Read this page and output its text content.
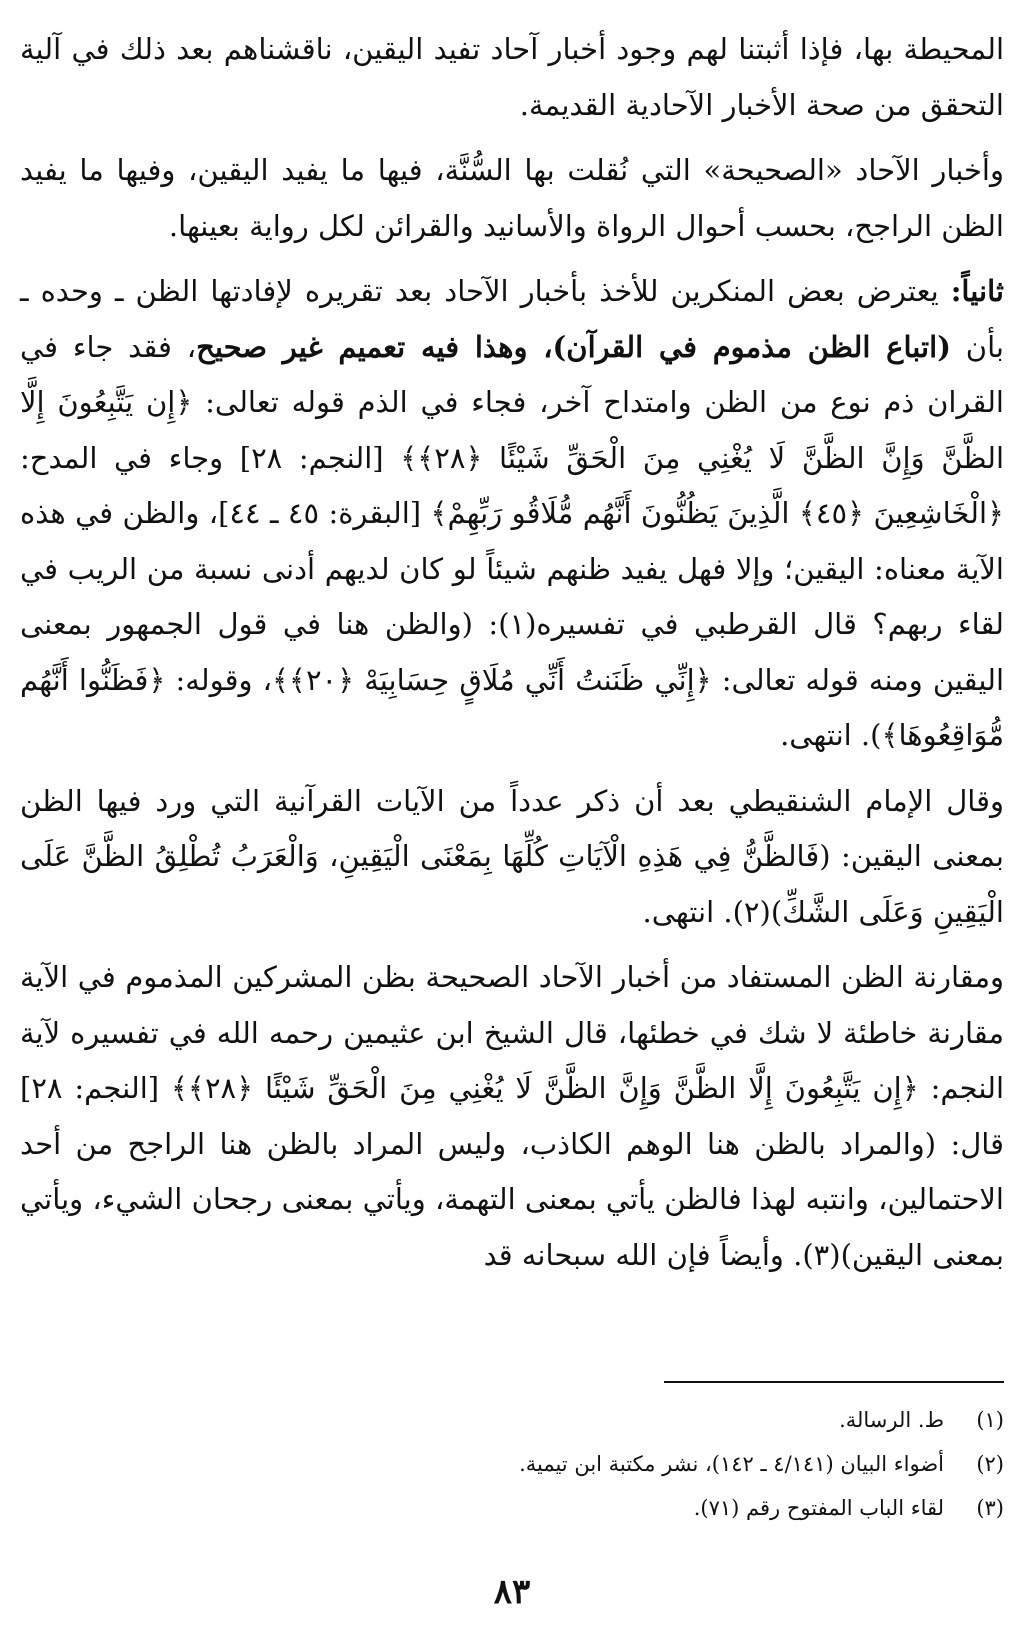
المحيطة بها، فإذا أثبتنا لهم وجود أخبار آحاد تفيد اليقين، ناقشناهم بعد ذلك في آلية التحقق من صحة الأخبار الآحادية القديمة.

وأخبار الآحاد «الصحيحة» التي نُقلت بها السُّنَّة، فيها ما يفيد اليقين، وفيها ما يفيد الظن الراجح، بحسب أحوال الرواة والأسانيد والقرائن لكل رواية بعينها.

ثانياً: يعترض بعض المنكرين للأخذ بأخبار الآحاد بعد تقريره لإفادتها الظن ـ وحده ـ بأن (اتباع الظن مذموم في القرآن)، وهذا فيه تعميم غير صحيح، فقد جاء في القران ذم نوع من الظن وامتداح آخر، فجاء في الذم قوله تعالى: ﴿إِن يَتَّبِعُونَ إِلَّا الظَّنَّ وَإِنَّ الظَّنَّ لَا يُغْنِي مِنَ الْحَقِّ شَيْئًا ﴿٢٨﴾﴾ [النجم: ٢٨] وجاء في المدح: ﴿الْخَاشِعِينَ ﴿٤٥﴾ الَّذِينَ يَظُنُّونَ أَنَّهُم مُّلَاقُو رَبِّهِمْ﴾ [البقرة: ٤٥ ـ ٤٤]، والظن في هذه الآية معناه: اليقين؛ وإلا فهل يفيد ظنهم شيئاً لو كان لديهم أدنى نسبة من الريب في لقاء ربهم؟ قال القرطبي في تفسيره(١): (والظن هنا في قول الجمهور بمعنى اليقين ومنه قوله تعالى: ﴿إِنِّي ظَنَنتُ أَنِّي مُلَاقٍ حِسَابِيَهْ ﴿٢٠﴾﴾، وقوله: ﴿فَظَنُّوا أَنَّهُم مُّوَاقِعُوهَا﴾). انتهى.

وقال الإمام الشنقيطي بعد أن ذكر عدداً من الآيات القرآنية التي ورد فيها الظن بمعنى اليقين: (فَالظَّنُّ فِي هَذِهِ الْآيَاتِ كُلِّهَا بِمَعْنَى الْيَقِينِ، وَالْعَرَبُ تُطْلِقُ الظَّنَّ عَلَى الْيَقِينِ وَعَلَى الشَّكِّ)(٢). انتهى.

ومقارنة الظن المستفاد من أخبار الآحاد الصحيحة بظن المشركين المذموم في الآية مقارنة خاطئة لا شك في خطئها، قال الشيخ ابن عثيمين رحمه الله في تفسيره لآية النجم: ﴿إِن يَتَّبِعُونَ إِلَّا الظَّنَّ وَإِنَّ الظَّنَّ لَا يُغْنِي مِنَ الْحَقِّ شَيْئًا ﴿٢٨﴾﴾ [النجم: ٢٨] قال: (والمراد بالظن هنا الوهم الكاذب، وليس المراد بالظن هنا الراجح من أحد الاحتمالين، وانتبه لهذا فالظن يأتي بمعنى التهمة، ويأتي بمعنى رجحان الشيء، ويأتي بمعنى اليقين)(٣). وأيضاً فإن الله سبحانه قد

(١)
ط. الرسالة.
(٢)
أضواء البيان (٤/١٤١ ـ ١٤٢)، نشر مكتبة ابن تيمية.
(٣)
لقاء الباب المفتوح رقم (٧١).
٨٣
